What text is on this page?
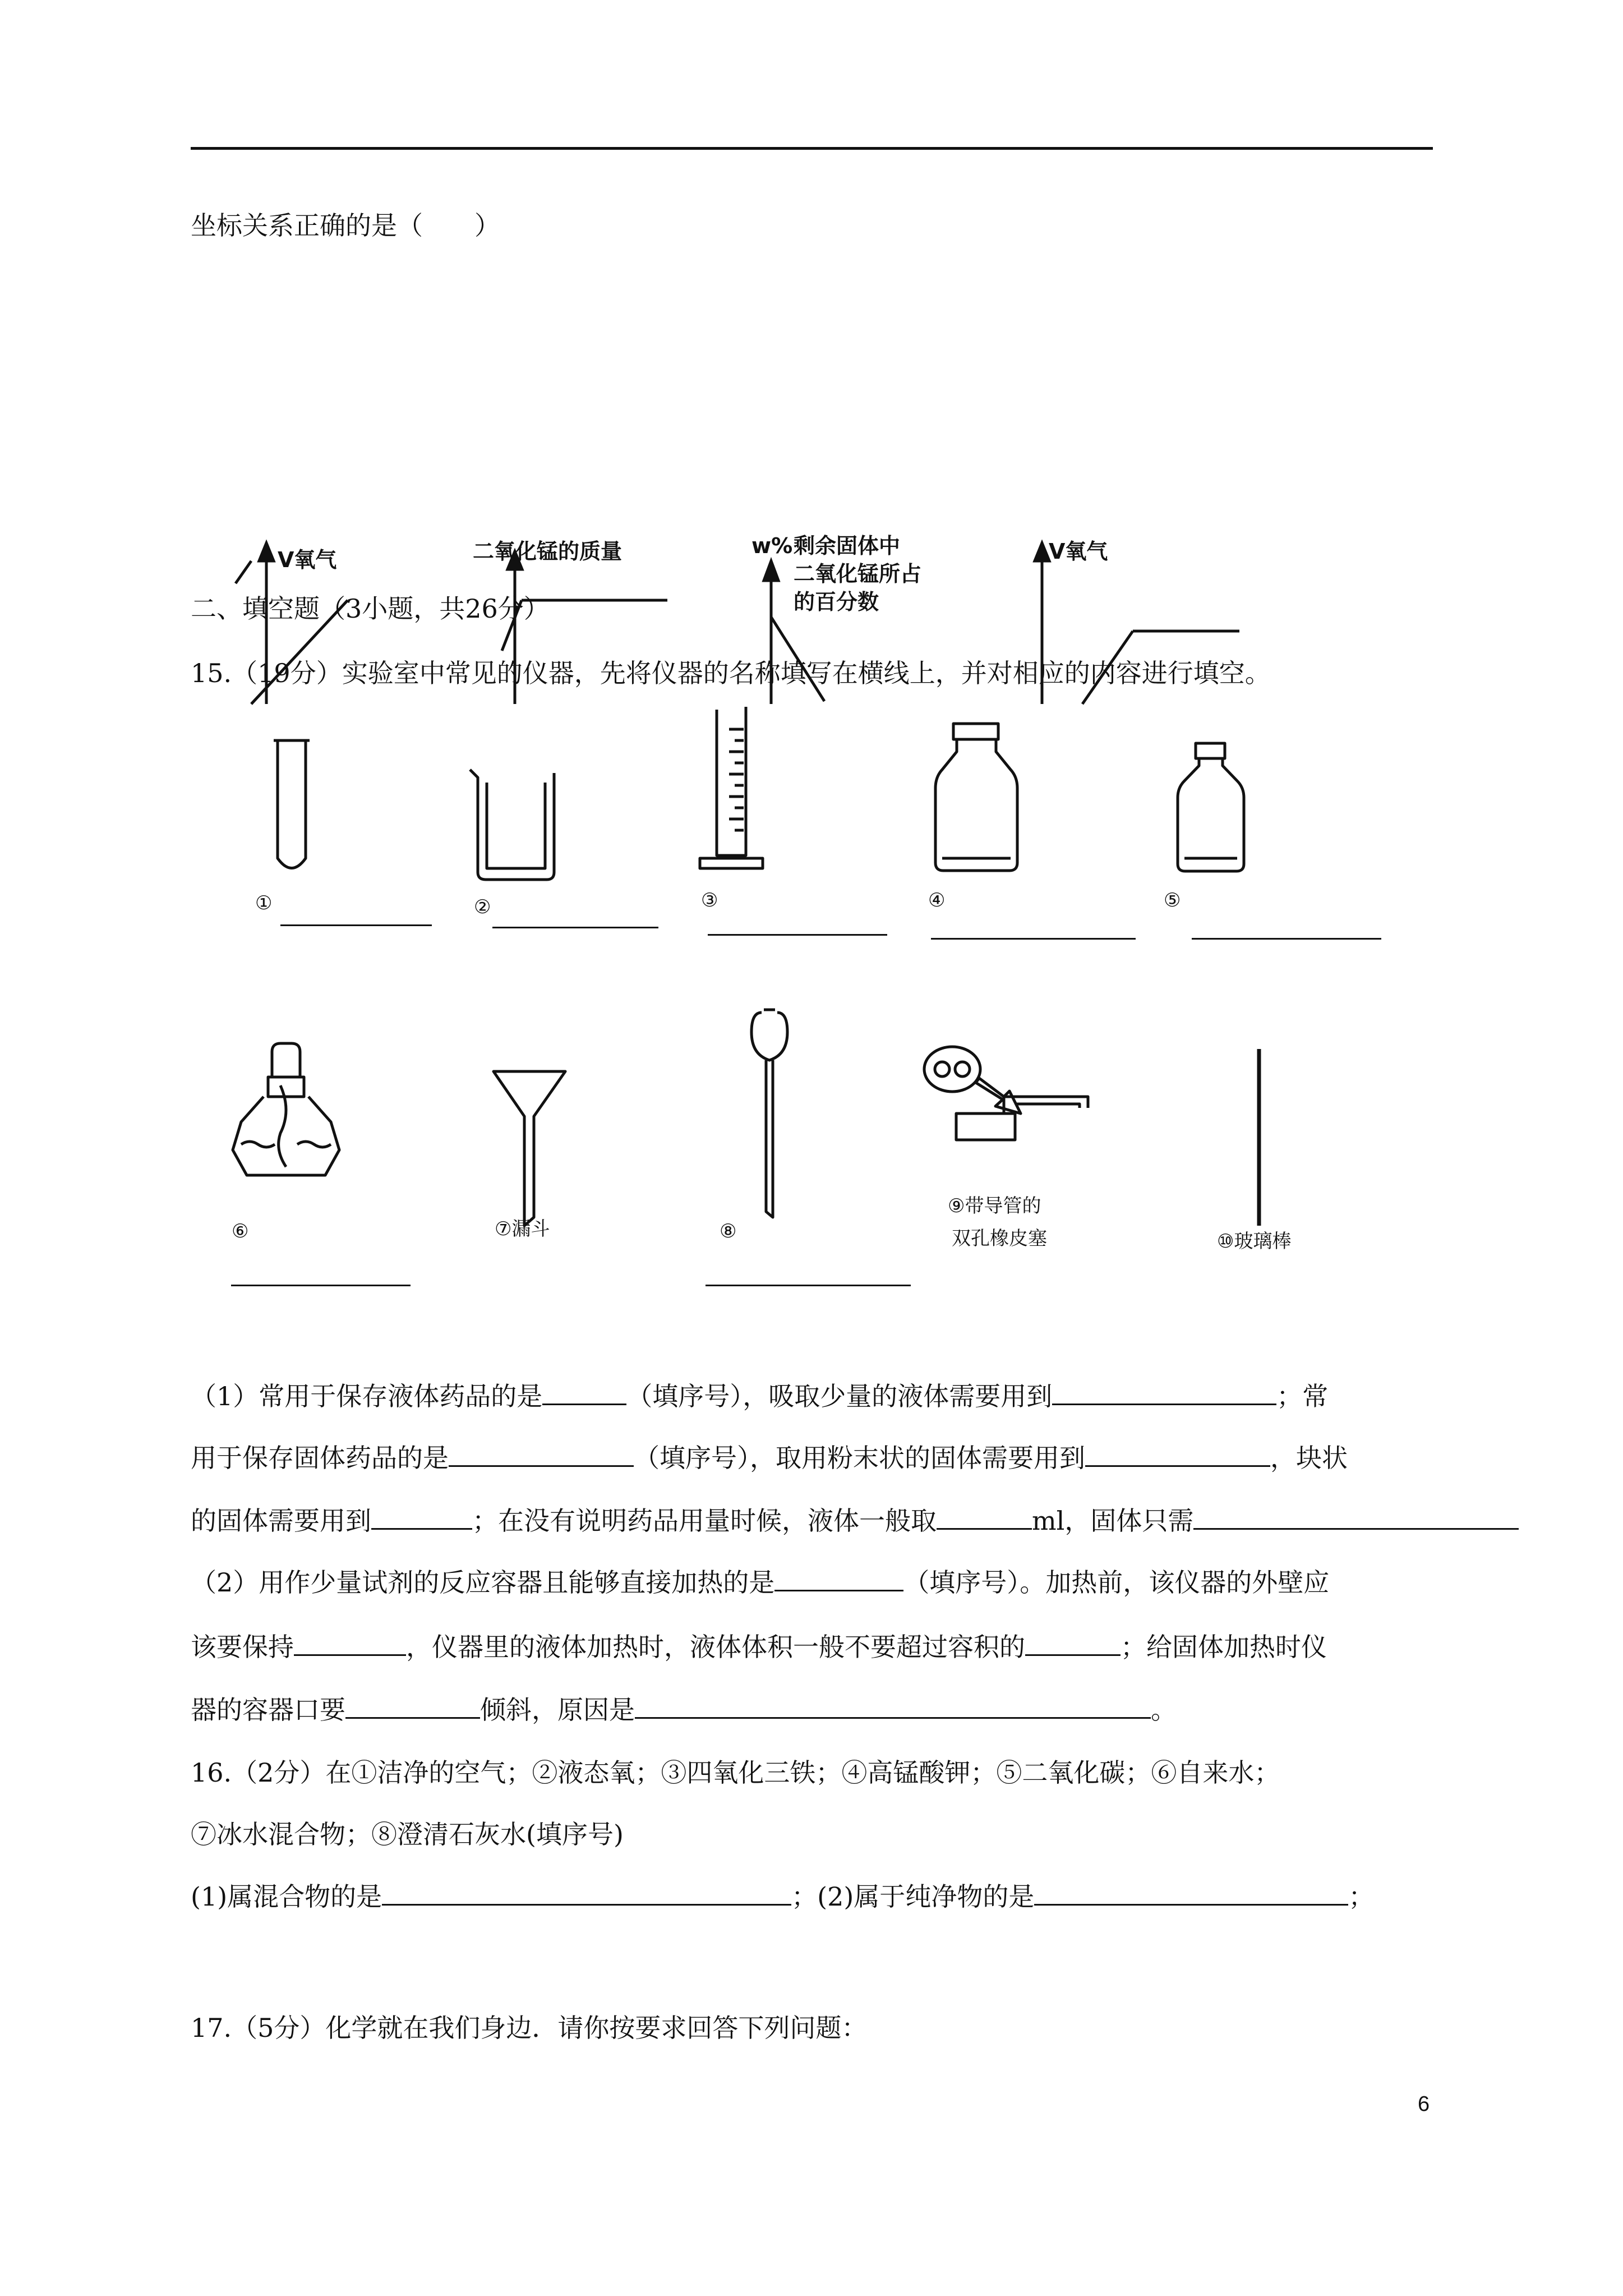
坐标关系正确的是（　　）
V氧气	二氧化锰的质量	w% 剩余固体中
二氧化锰所占
的百分数
V氧气
二、填空题（3小题，共26分）
15.（19分）实验室中常见的仪器，先将仪器的名称填写在横线上，并对相应的内容进行填空。
①	②	③	④	⑤
⑥	⑦漏斗	⑧
⑨带导管的
双孔橡皮塞	⑩玻璃棒
（1）常用于保存液体药品的是	（填序号），吸取少量的液体需要用到	；常
用于保存固体药品的是	（填序号），取用粉末状的固体需要用到	，块状
的固体需要用到	；在没有说明药品用量时候，液体一般取	ml，固体只需
（2）用作少量试剂的反应容器且能够直接加热的是	（填序号）。加热前，该仪器的外壁应
该要保持	，仪器里的液体加热时，液体体积一般不要超过容积的	；给固体加热时仪
器的容器口要	倾斜，原因是	。
16.（2分）在①洁净的空气；②液态氧；③四氧化三铁；④高锰酸钾；⑤二氧化碳；⑥自来水；
⑦冰水混合物；⑧澄清石灰水(填序号)
(1)属混合物的是	；(2)属于纯净物的是	；
17.（5分）化学就在我们身边．请你按要求回答下列问题：
6
